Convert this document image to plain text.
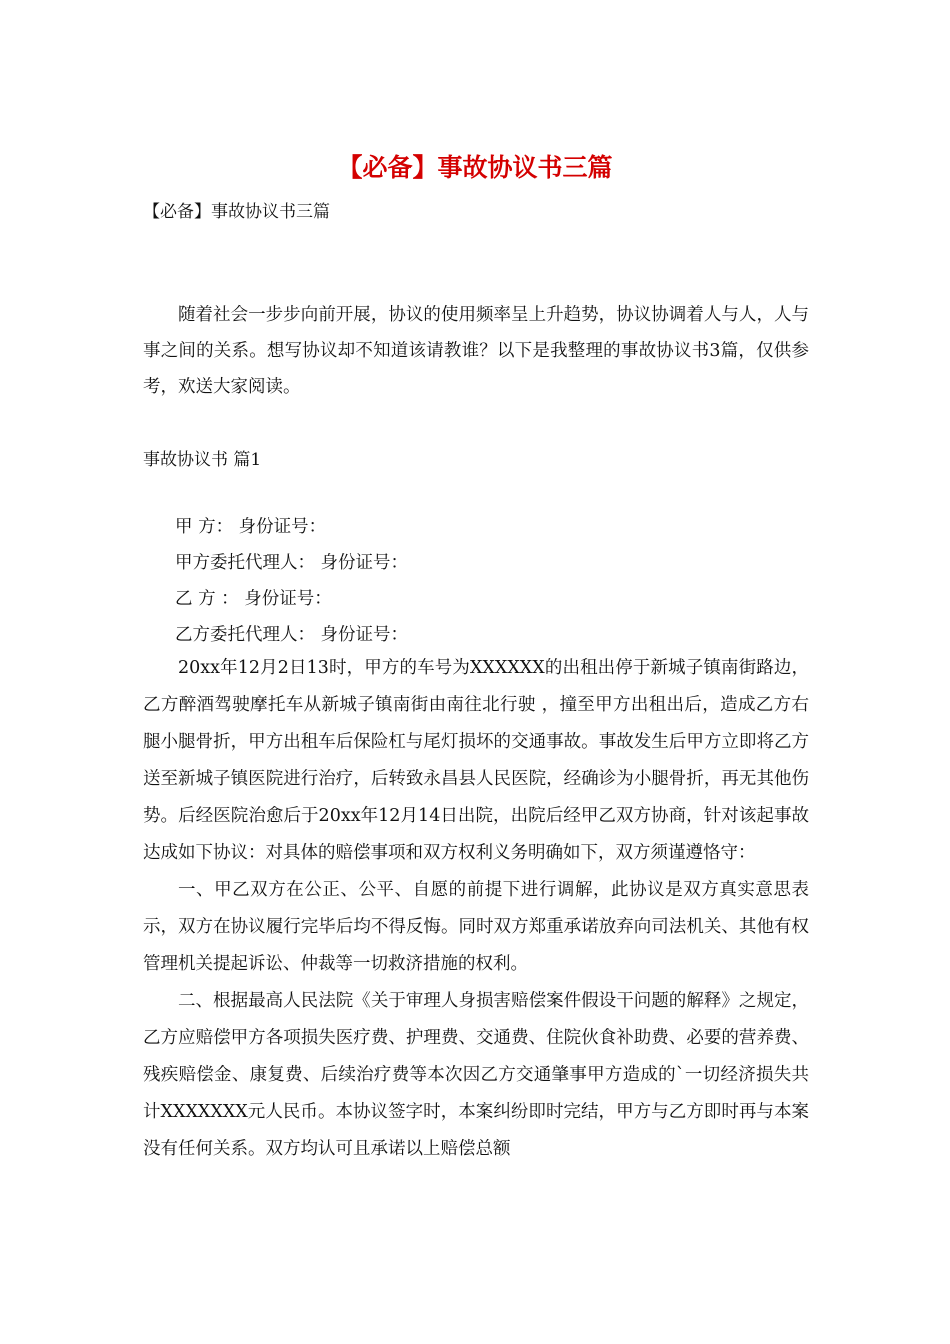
【必备】事故协议书三篇
【必备】事故协议书三篇

随着社会一步步向前开展，协议的使用频率呈上升趋势，协议协调着人与人，人与事之间的关系。想写协议却不知道该请教谁？以下是我整理的事故协议书3篇，仅供参考，欢送大家阅读。

事故协议书 篇1

甲 方： 身份证号：

甲方委托代理人： 身份证号：

乙 方 ： 身份证号：

乙方委托代理人： 身份证号：

20xx年12月2日13时，甲方的车号为XXXXXX的出租出停于新城子镇南街路边，乙方醉酒驾驶摩托车从新城子镇南街由南往北行驶 ，撞至甲方出租出后，造成乙方右腿小腿骨折，甲方出租车后保险杠与尾灯损坏的交通事故。事故发生后甲方立即将乙方送至新城子镇医院进行治疗，后转致永昌县人民医院，经确诊为小腿骨折，再无其他伤势。后经医院治愈后于20xx年12月14日出院，出院后经甲乙双方协商，针对该起事故达成如下协议：对具体的赔偿事项和双方权利义务明确如下，双方须谨遵恪守：

一、甲乙双方在公正、公平、自愿的前提下进行调解，此协议是双方真实意思表示，双方在协议履行完毕后均不得反悔。同时双方郑重承诺放弃向司法机关、其他有权管理机关提起诉讼、仲裁等一切救济措施的权利。

二、根据最高人民法院《关于审理人身损害赔偿案件假设干问题的解释》之规定，乙方应赔偿甲方各项损失医疗费、护理费、交通费、住院伙食补助费、必要的营养费、残疾赔偿金、康复费、后续治疗费等本次因乙方交通肇事甲方造成的`一切经济损失共计XXXXXXX元人民币。本协议签字时，本案纠纷即时完结，甲方与乙方即时再与本案没有任何关系。双方均认可且承诺以上赔偿总额
